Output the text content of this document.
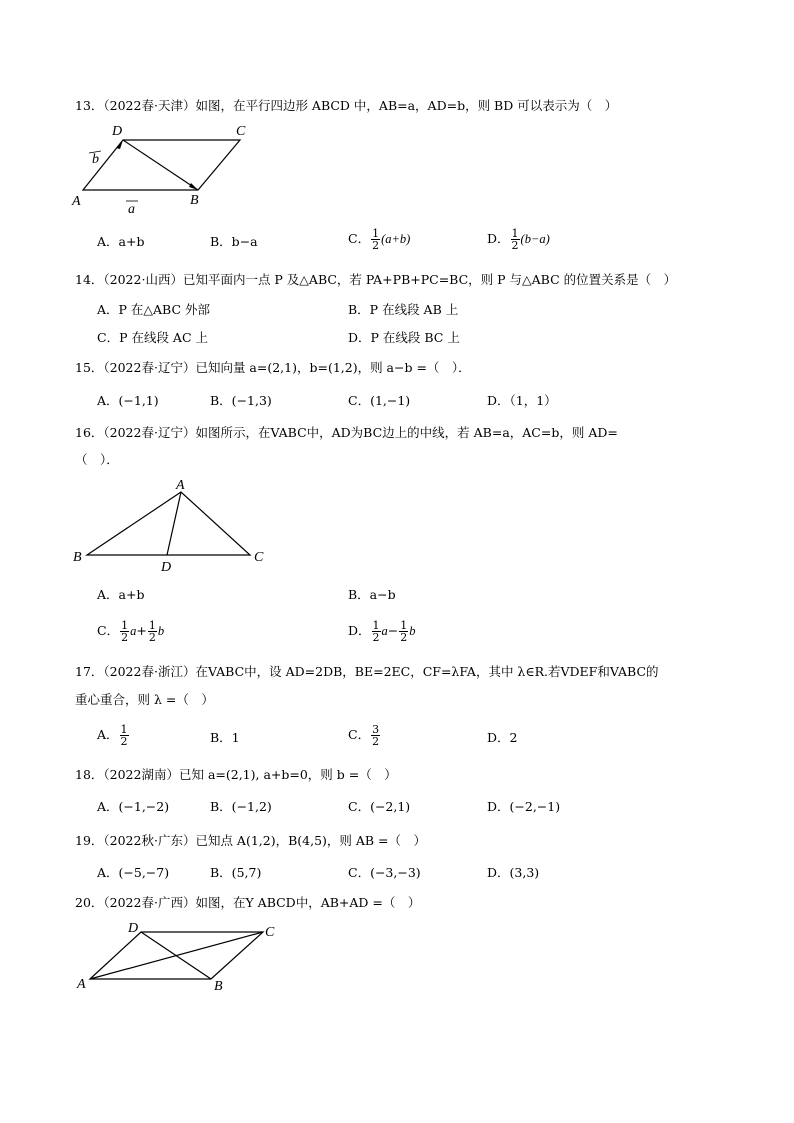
13．（2022春·天津）如图，在平行四边形 ABCD 中，AB=a，AD=b，则 BD 可以表示为（　）
D	C
A	B
b
a
A．a+b	B．b−a	C． $\frac{1}{2} (a+b)$	D． $\frac{1}{2} (b-a)$
14．（2022·山西）已知平面内一点 P 及△ABC，若 PA+PB+PC=BC，则 P 与△ABC 的位置关系是（　）
A．P 在△ABC 外部	B．P 在线段 AB 上
C．P 在线段 AC 上	D．P 在线段 BC 上
15．（2022春·辽宁）已知向量 a=(2,1)，b=(1,2)，则 a−b =（　）．
A．(−1,1)	B．(−1,3)	C．(1,−1)	D．（1，1）
16．（2022春·辽宁）如图所示，在VABC中，AD为BC边上的中线，若 AB=a，AC=b，则 AD=
（　）．
A
B	C
D
A．a+b	B．a−b
C． $\frac{1}{2} a+ \frac{1}{2}$ b	D． $\frac{1}{2} a- \frac{1}{2}$ b
17．（2022春·浙江）在VABC中，设 AD=2DB，BE=2EC，CF=λFA，其中 λ∈R.若VDEF和VABC的
重心重合，则 λ =（　）
A． $\frac{1}{2}$	B．1	C． $\frac{3}{2}$	D．2
18．（2022湖南）已知 a=(2,1), a+b=0，则 b =（　）
A．(−1,−2)	B．(−1,2)	C．(−2,1)	D．(−2,−1)
19．（2022秋·广东）已知点 A(1,2)，B(4,5)，则 AB =（　）
A．(−5,−7)	B．(5,7)	C．(−3,−3)	D．(3,3)
20．（2022春·广西）如图，在Y ABCD中，AB+AD =（　）
D	C
A	B
